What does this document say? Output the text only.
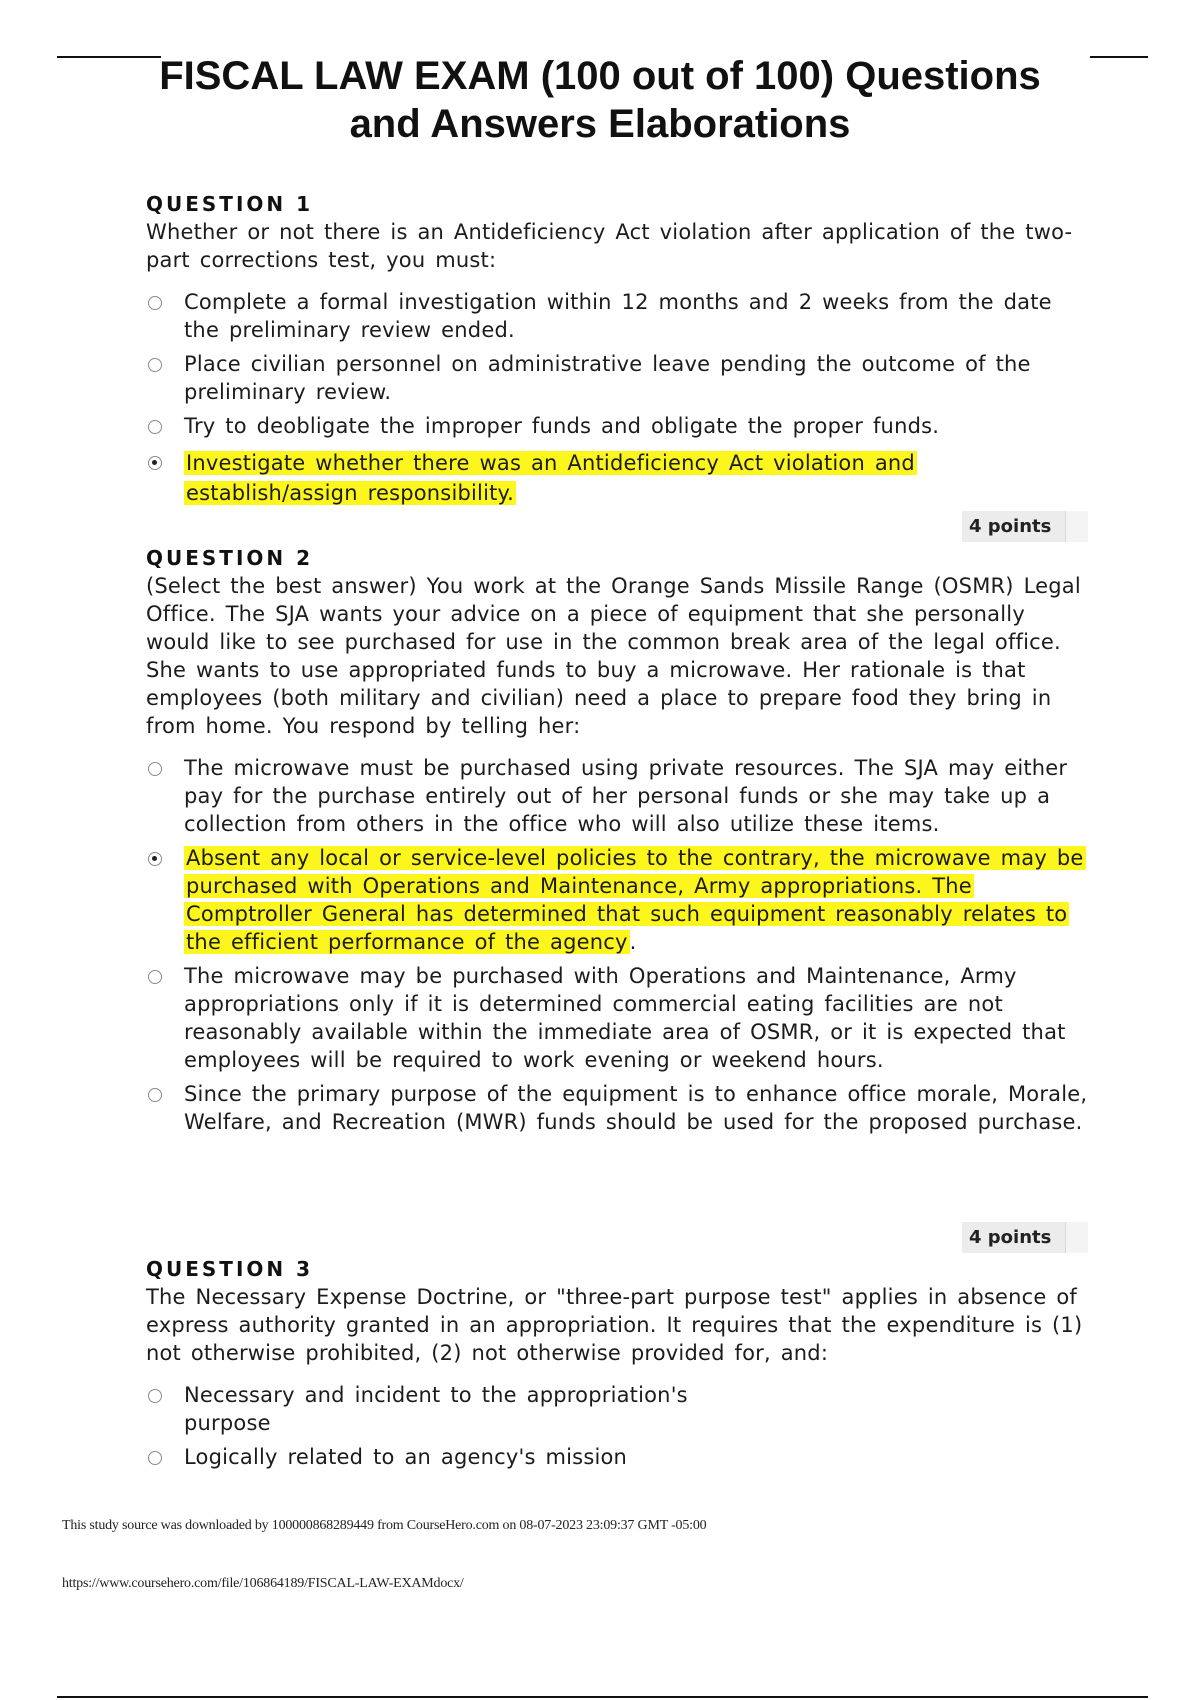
FISCAL LAW EXAM (100 out of 100) Questions
and Answers Elaborations
QUESTION 1
Whether or not there is an Antideficiency Act violation after application of the two-part corrections test, you must:
Complete a formal investigation within 12 months and 2 weeks from the date the preliminary review ended.
Place civilian personnel on administrative leave pending the outcome of the preliminary review.
Try to deobligate the improper funds and obligate the proper funds.
Investigate whether there was an Antideficiency Act violation and establish/assign responsibility.
4 points
QUESTION 2
(Select the best answer) You work at the Orange Sands Missile Range (OSMR) Legal Office. The SJA wants your advice on a piece of equipment that she personally would like to see purchased for use in the common break area of the legal office. She wants to use appropriated funds to buy a microwave. Her rationale is that employees (both military and civilian) need a place to prepare food they bring in from home. You respond by telling her:
The microwave must be purchased using private resources. The SJA may either pay for the purchase entirely out of her personal funds or she may take up a collection from others in the office who will also utilize these items.
Absent any local or service-level policies to the contrary, the microwave may be purchased with Operations and Maintenance, Army appropriations. The Comptroller General has determined that such equipment reasonably relates to the efficient performance of the agency.
The microwave may be purchased with Operations and Maintenance, Army appropriations only if it is determined commercial eating facilities are not reasonably available within the immediate area of OSMR, or it is expected that employees will be required to work evening or weekend hours.
Since the primary purpose of the equipment is to enhance office morale, Morale, Welfare, and Recreation (MWR) funds should be used for the proposed purchase.
4 points
QUESTION 3
The Necessary Expense Doctrine, or "three-part purpose test" applies in absence of express authority granted in an appropriation. It requires that the expenditure is (1) not otherwise prohibited, (2) not otherwise provided for, and:
Necessary and incident to the appropriation's purpose
Logically related to an agency's mission
This study source was downloaded by 100000868289449 from CourseHero.com on 08-07-2023 23:09:37 GMT -05:00
https://www.coursehero.com/file/106864189/FISCAL-LAW-EXAMdocx/
